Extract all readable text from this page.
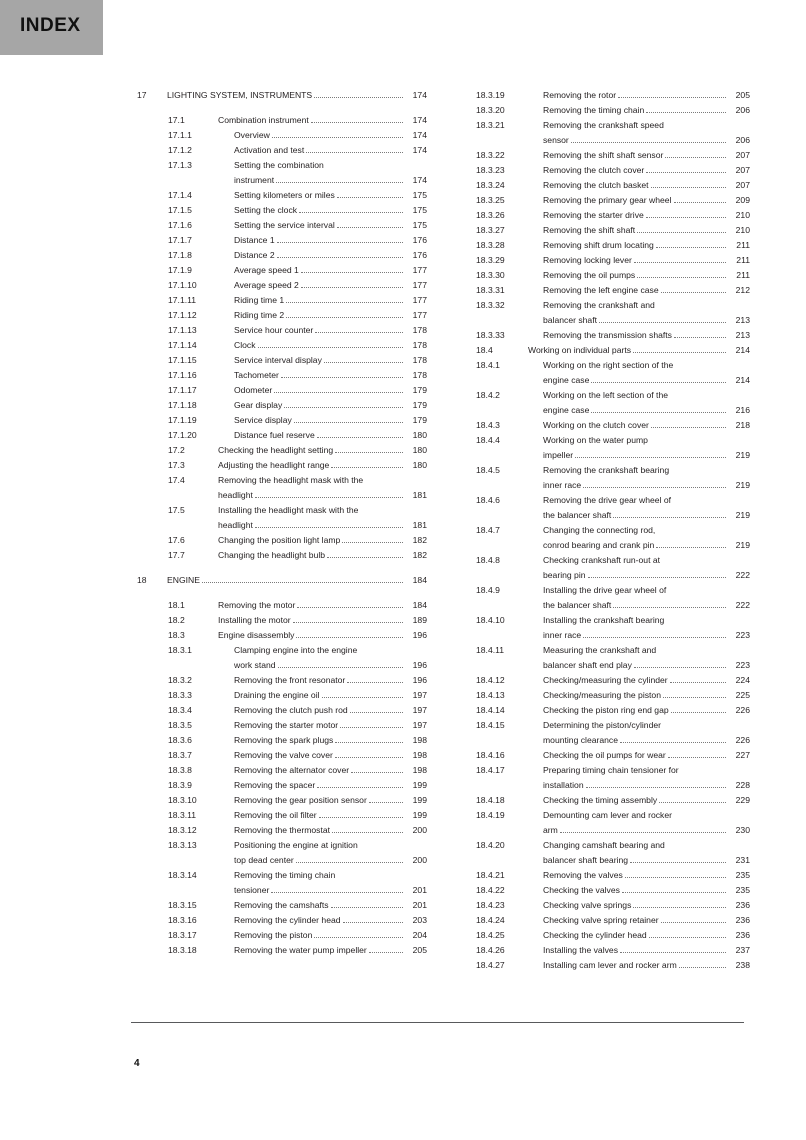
INDEX
17	LIGHTING SYSTEM, INSTRUMENTS	174
17.1	Combination instrument	174
17.1.1	Overview	174
17.1.2	Activation and test	174
17.1.3	Setting the combination
instrument	174
17.1.4	Setting kilometers or miles	175
17.1.5	Setting the clock	175
17.1.6	Setting the service interval	175
17.1.7	Distance 1	176
17.1.8	Distance 2	176
17.1.9	Average speed 1	177
17.1.10	Average speed 2	177
17.1.11	Riding time 1	177
17.1.12	Riding time 2	177
17.1.13	Service hour counter	178
17.1.14	Clock	178
17.1.15	Service interval display	178
17.1.16	Tachometer	178
17.1.17	Odometer	179
17.1.18	Gear display	179
17.1.19	Service display	179
17.1.20	Distance fuel reserve	180
17.2	Checking the headlight setting	180
17.3	Adjusting the headlight range	180
17.4	Removing the headlight mask with the
headlight	181
17.5	Installing the headlight mask with the
headlight	181
17.6	Changing the position light lamp	182
17.7	Changing the headlight bulb	182
18	ENGINE	184
18.1	Removing the motor	184
18.2	Installing the motor	189
18.3	Engine disassembly	196
18.3.1	Clamping engine into the engine
work stand	196
18.3.2	Removing the front resonator	196
18.3.3	Draining the engine oil	197
18.3.4	Removing the clutch push rod	197
18.3.5	Removing the starter motor	197
18.3.6	Removing the spark plugs	198
18.3.7	Removing the valve cover	198
18.3.8	Removing the alternator cover	198
18.3.9	Removing the spacer	199
18.3.10	Removing the gear position sensor	199
18.3.11	Removing the oil filter	199
18.3.12	Removing the thermostat	200
18.3.13	Positioning the engine at ignition
top dead center	200
18.3.14	Removing the timing chain
tensioner	201
18.3.15	Removing the camshafts	201
18.3.16	Removing the cylinder head	203
18.3.17	Removing the piston	204
18.3.18	Removing the water pump impeller	205
18.3.19	Removing the rotor	205
18.3.20	Removing the timing chain	206
18.3.21	Removing the crankshaft speed
sensor	206
18.3.22	Removing the shift shaft sensor	207
18.3.23	Removing the clutch cover	207
18.3.24	Removing the clutch basket	207
18.3.25	Removing the primary gear wheel	209
18.3.26	Removing the starter drive	210
18.3.27	Removing the shift shaft	210
18.3.28	Removing shift drum locating	211
18.3.29	Removing locking lever	211
18.3.30	Removing the oil pumps	211
18.3.31	Removing the left engine case	212
18.3.32	Removing the crankshaft and
balancer shaft	213
18.3.33	Removing the transmission shafts	213
18.4	Working on individual parts	214
18.4.1	Working on the right section of the
engine case	214
18.4.2	Working on the left section of the
engine case	216
18.4.3	Working on the clutch cover	218
18.4.4	Working on the water pump
impeller	219
18.4.5	Removing the crankshaft bearing
inner race	219
18.4.6	Removing the drive gear wheel of
the balancer shaft	219
18.4.7	Changing the connecting rod,
conrod bearing and crank pin	219
18.4.8	Checking crankshaft run-out at
bearing pin	222
18.4.9	Installing the drive gear wheel of
the balancer shaft	222
18.4.10	Installing the crankshaft bearing
inner race	223
18.4.11	Measuring the crankshaft and
balancer shaft end play	223
18.4.12	Checking/measuring the cylinder	224
18.4.13	Checking/measuring the piston	225
18.4.14	Checking the piston ring end gap	226
18.4.15	Determining the piston/cylinder
mounting clearance	226
18.4.16	Checking the oil pumps for wear	227
18.4.17	Preparing timing chain tensioner for
installation	228
18.4.18	Checking the timing assembly	229
18.4.19	Demounting cam lever and rocker
arm	230
18.4.20	Changing camshaft bearing and
balancer shaft bearing	231
18.4.21	Removing the valves	235
18.4.22	Checking the valves	235
18.4.23	Checking valve springs	236
18.4.24	Checking valve spring retainer	236
18.4.25	Checking the cylinder head	236
18.4.26	Installing the valves	237
18.4.27	Installing cam lever and rocker arm	238
4
